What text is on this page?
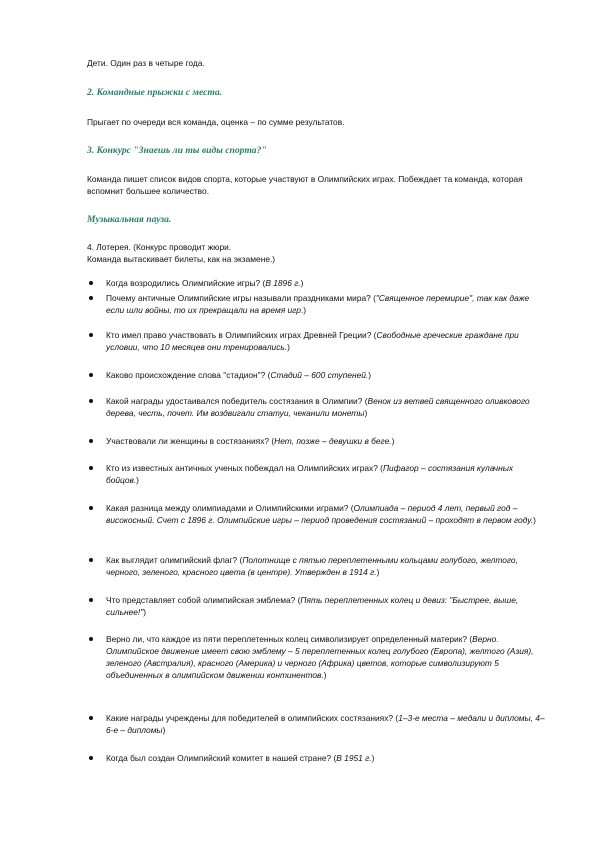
Дети. Один раз в четыре года.

2. Командные прыжки с места.

Прыгает по очереди вся команда, оценка – по сумме результатов.

3. Конкурс "Знаешь ли ты виды спорта?"

Команда пишет список видов спорта, которые участвуют в Олимпийских играх. Побеждает та команда, которая вспомнит большее количество.

Музыкальная пауза.

4. Лотерея. (Конкурс проводит жюри.

Команда вытаскивает билеты, как на экзамене.)

Когда возродились Олимпийские игры? (В 1896 г.)
Почему античные Олимпийские игры называли праздниками мира? ("Священное перемирие", так как даже если шли войны, то их прекращали на время игр.)
Кто имел право участвовать в Олимпийских играх Древней Греции? (Свободные греческие граждане при условии, что 10 месяцев они тренировались.)
Каково происхождение слова "стадион"? (Стадий – 600 ступеней.)
Какой награды удостаивался победитель состязания в Олимпии? (Венок из ветвей священного оливкового дерева, честь, почет. Им воздвигали статуи, чеканили монеты)
Участвовали ли женщины в состязаниях? (Нет, позже – девушки в беге.)
Кто из известных античных ученых побеждал на Олимпийских играх? (Пифагор – состязания кулачных бойцов.)
Какая разница между олимпиадами и Олимпийскими играми? (Олимпиада – период 4 лет, первый год – високосный. Счет с 1896 г. Олимпийские игры – период проведения состязаний – проходят в первом году.)
Как выглядит олимпийский флаг? (Полотнище с пятью переплетенными кольцами голубого, желтого, черного, зеленого, красного цвета (в центре). Утвержден в 1914 г.)
Что представляет собой олимпийская эмблема? (Пять переплетенных колец и девиз: "Быстрее, выше, сильнее!")
Верно ли, что каждое из пяти переплетенных колец символизирует определенный материк? (Верно. Олимпийское движение имеет свою эмблему – 5 переплетенных колец голубого (Европа), желтого (Азия), зеленого (Австралия), красного (Америка) и черного (Африка) цветов, которые символизируют 5 объединенных в олимпийском движении континентов.)
Какие награды учреждены для победителей в олимпийских состязаниях? (1–3-е места – медали и дипломы, 4–6-е – дипломы)
Когда был создан Олимпийский комитет в нашей стране? (В 1951 г.)
